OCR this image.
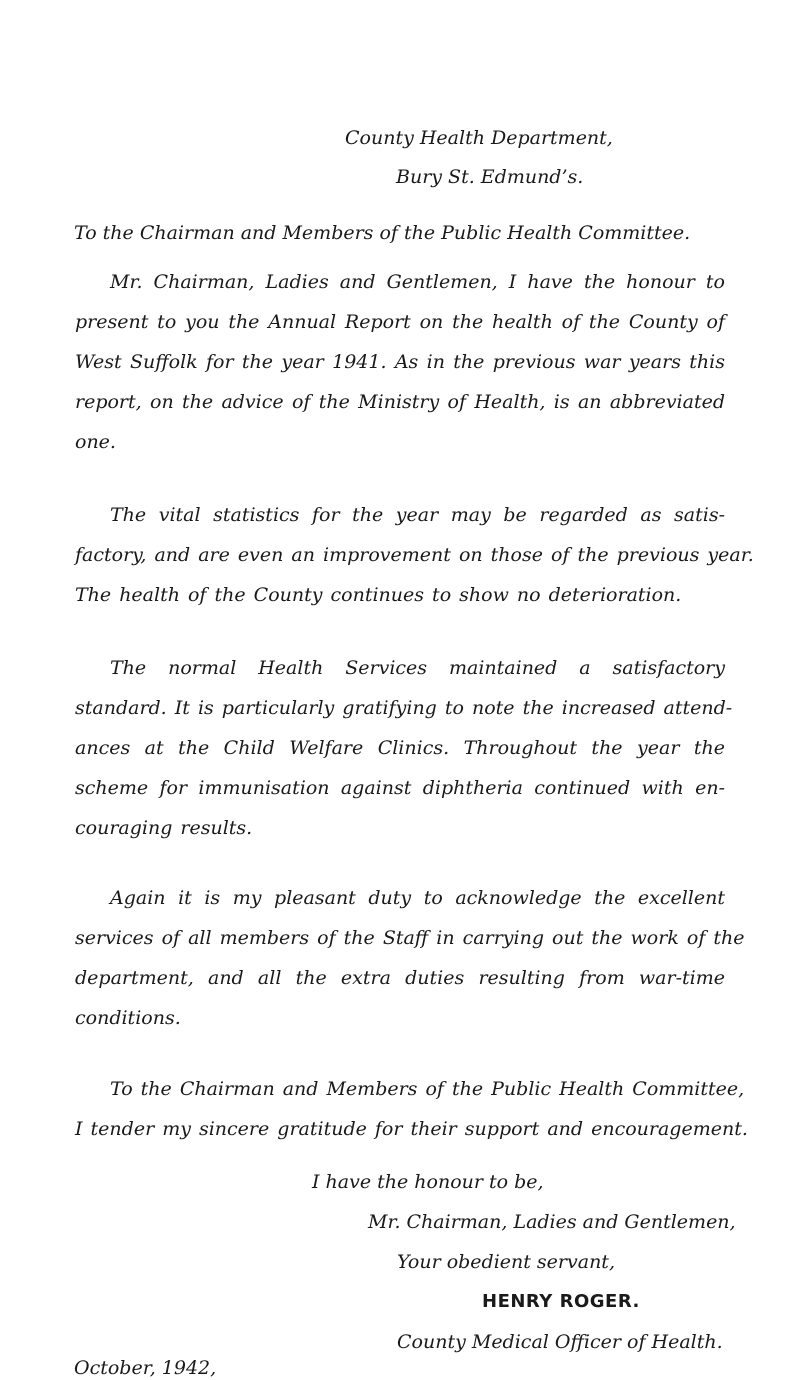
County Health Department,
Bury St. Edmund’s.
To the Chairman and Members of the Public Health Committee.
Mr. Chairman, Ladies and Gentlemen, I have the honour to
present to you the Annual Report on the health of the County of
West Suffolk for the year 1941. As in the previous war years this
report, on the advice of the Ministry of Health, is an abbreviated
one.
The vital statistics for the year may be regarded as satis-
factory, and are even an improvement on those of the previous year.
The health of the County continues to show no deterioration.
The normal Health Services maintained a satisfactory
standard. It is particularly gratifying to note the increased attend-
ances at the Child Welfare Clinics. Throughout the year the
scheme for immunisation against diphtheria continued with en-
couraging results.
Again it is my pleasant duty to acknowledge the excellent
services of all members of the Staff in carrying out the work of the
department, and all the extra duties resulting from war-time
conditions.
To the Chairman and Members of the Public Health Committee,
I tender my sincere gratitude for their support and encouragement.
I have the honour to be,
Mr. Chairman, Ladies and Gentlemen,
Your obedient servant,
HENRY ROGER.
County Medical Officer of Health.
October, 1942,
